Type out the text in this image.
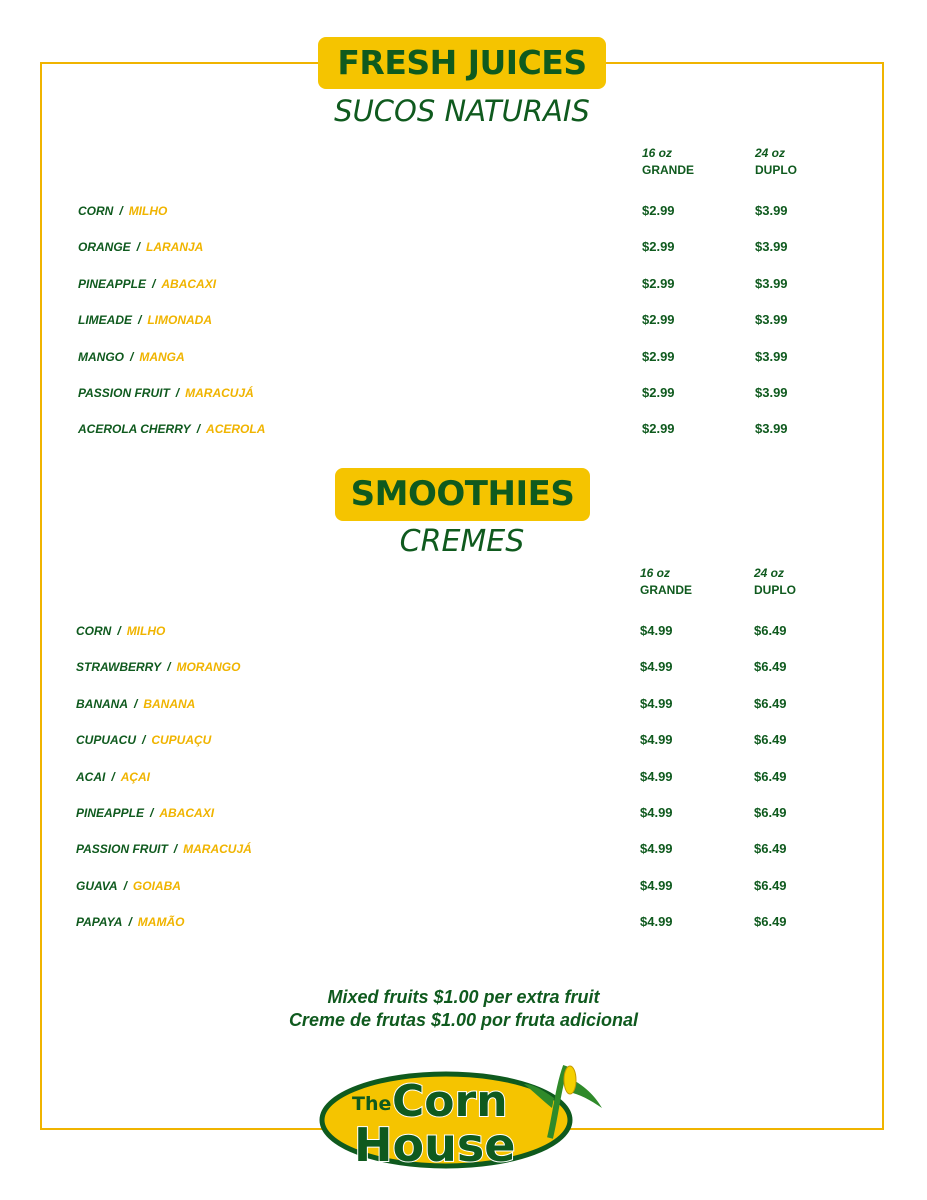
FRESH JUICES
SUCOS NATURAIS
16 oz
GRANDE
24 oz
DUPLO
CORN / MILHO	$2.99	$3.99
ORANGE / LARANJA	$2.99	$3.99
PINEAPPLE / ABACAXI	$2.99	$3.99
LIMEADE / LIMONADA	$2.99	$3.99
MANGO / MANGA	$2.99	$3.99
PASSION FRUIT / MARACUJÁ	$2.99	$3.99
ACEROLA CHERRY / ACEROLA	$2.99	$3.99
SMOOTHIES
CREMES
16 oz
GRANDE
24 oz
DUPLO
CORN / MILHO	$4.99	$6.49
STRAWBERRY / MORANGO	$4.99	$6.49
BANANA / BANANA	$4.99	$6.49
CUPUACU / CUPUAÇU	$4.99	$6.49
ACAI / AÇAI	$4.99	$6.49
PINEAPPLE / ABACAXI	$4.99	$6.49
PASSION FRUIT / MARACUJÁ	$4.99	$6.49
GUAVA / GOIABA	$4.99	$6.49
PAPAYA / MAMÃO	$4.99	$6.49
Mixed fruits $1.00 per extra fruit
Creme de frutas $1.00 por fruta adicional
The Corn
House
